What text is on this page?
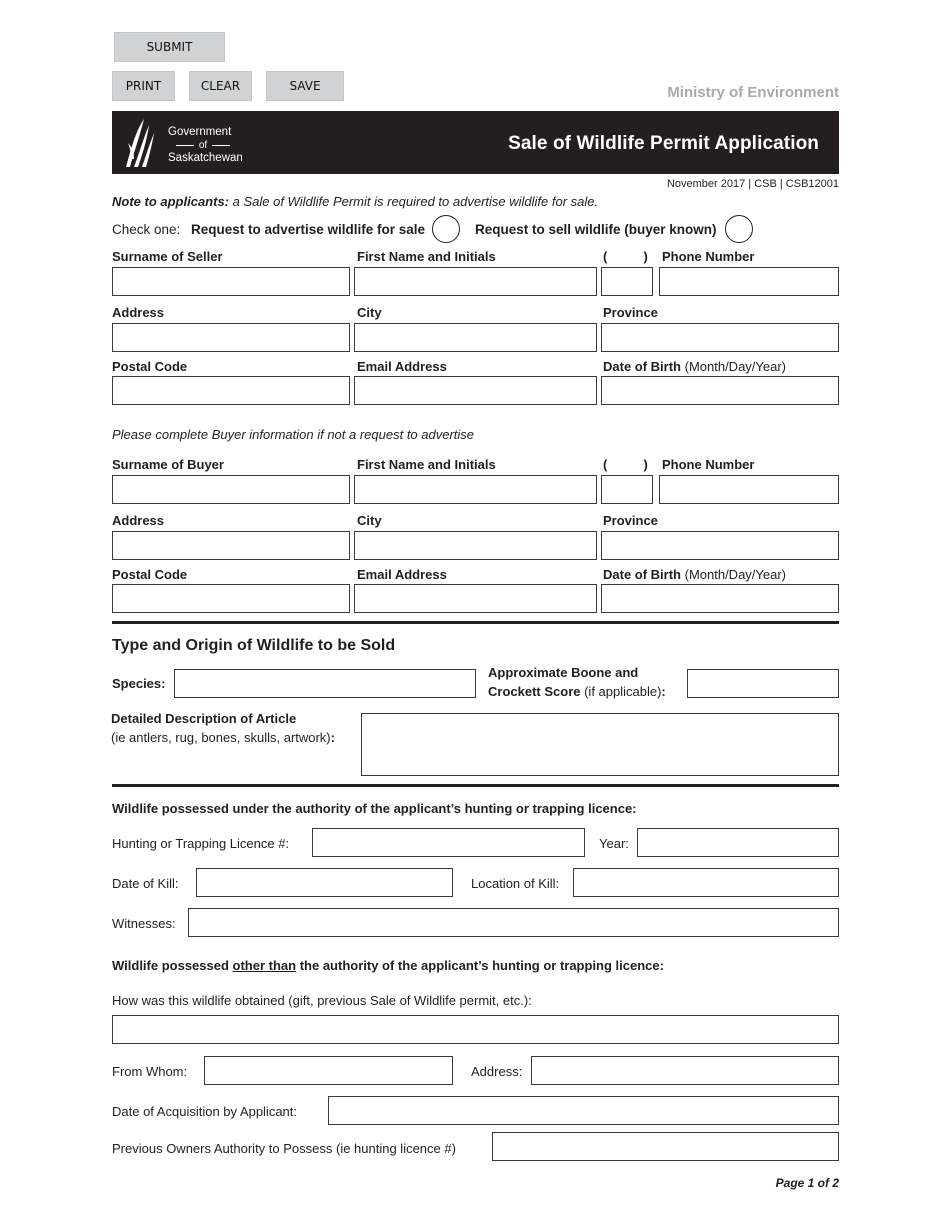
SUBMIT
PRINT	CLEAR	SAVE	Ministry of Environment
Government
of
Saskatchewan
Sale of Wildlife Permit Application
November 2017 | CSB | CSB12001
Note to applicants: a Sale of Wildlife Permit is required to advertise wildlife for sale.
Check one: Request to advertise wildlife for sale	Request to sell wildlife (buyer known)
Surname of Seller	First Name and Initials	(          ) Phone Number
Address	City	Province
Postal Code	Email Address	Date of Birth (Month/Day/Year)
Please complete Buyer information if not a request to advertise
Surname of Buyer	First Name and Initials	(          ) Phone Number
Address	City	Province
Postal Code	Email Address	Date of Birth (Month/Day/Year)
Type and Origin of Wildlife to be Sold
Species:
Approximate Boone and
Crockett Score (if applicable):
Detailed Description of Article
(ie antlers, rug, bones, skulls, artwork):
Wildlife possessed under the authority of the applicant’s hunting or trapping licence:
Hunting or Trapping Licence #:	Year:
Date of Kill:	Location of Kill:
Witnesses:
Wildlife possessed other than the authority of the applicant’s hunting or trapping licence:
How was this wildlife obtained (gift, previous Sale of Wildlife permit, etc.):
From Whom:	Address:
Date of Acquisition by Applicant:
Previous Owners Authority to Possess (ie hunting licence #)
Page 1 of 2
